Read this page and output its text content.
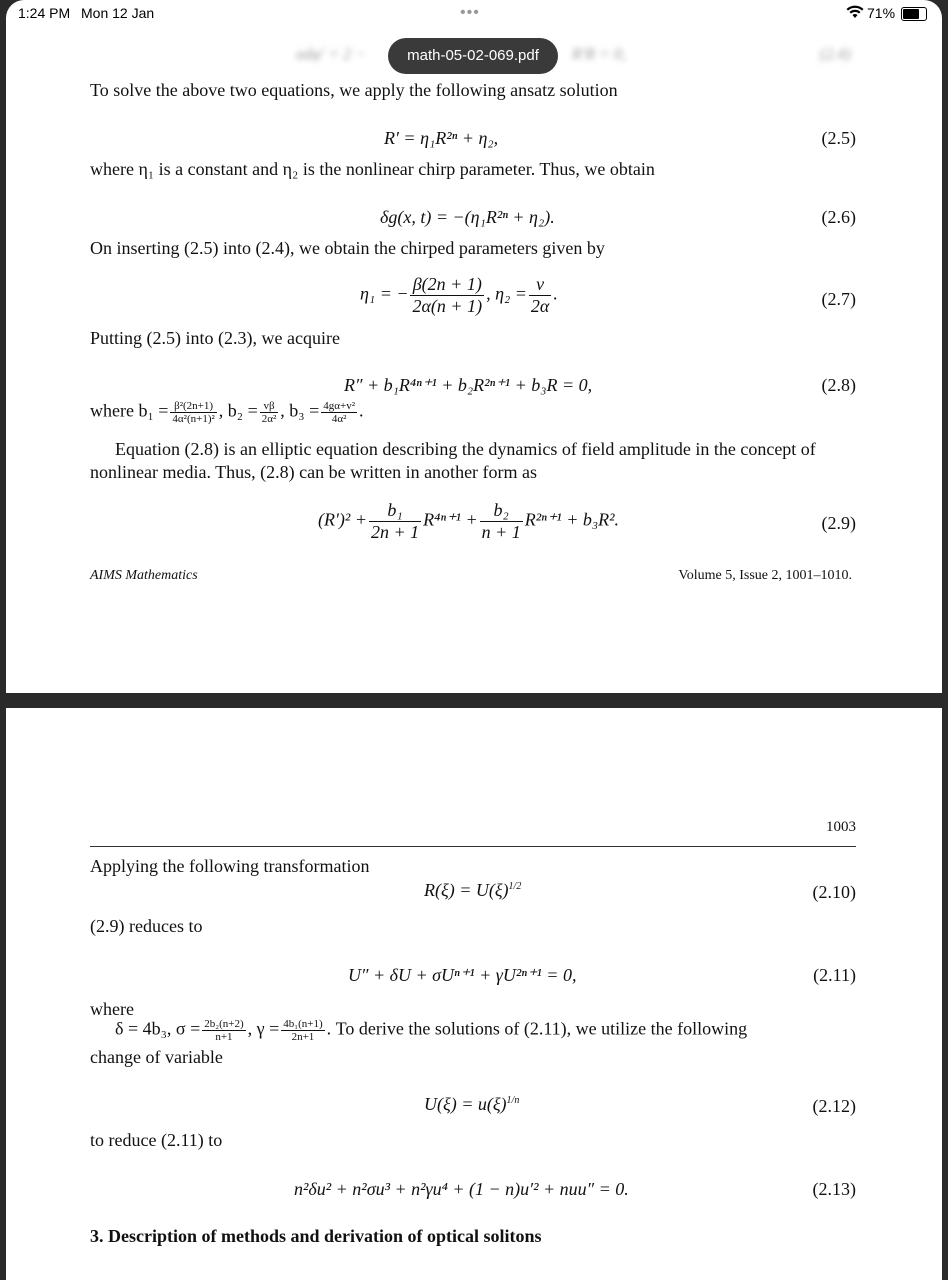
1:24 PM Mon 12 Jan	•••	71%
adφ′ + 2 −	R′R = 0,	(2.4)
math-05-02-069.pdf
To solve the above two equations, we apply the following ansatz solution
R′ = η₁R²ⁿ + η₂,	(2.5)
where η₁ is a constant and η₂ is the nonlinear chirp parameter. Thus, we obtain
δg(x, t) = −(η₁R²ⁿ + η₂).	(2.6)
On inserting (2.5) into (2.4), we obtain the chirped parameters given by
η₁ = − $\frac{\beta(2n + 1)}{2\alpha(n + 1)}$ , $\eta_2 = \frac{v}{2\alpha}$ .	(2.7)
Putting (2.5) into (2.3), we acquire
R″ + b₁R⁴ⁿ⁺¹ + b₂R²ⁿ⁺¹ + b₃R = 0,	(2.8)
where $b_1 = \frac{\text{β²(2n+1)}}{\text{4α²(n+1)²}}$ , $b_2 = \frac{v\beta}{\text{2α²}}$ , $b_3 = \frac{\text{4gα+v²}}{\text{4α²}}$ .
Equation (2.8) is an elliptic equation describing the dynamics of field amplitude in the concept of
nonlinear media. Thus, (2.8) can be written in another form as
$(R')^2 + \frac{\text{b₁}}{2n + 1} R^{4n+1} + \frac{\text{b₂}}{n + 1} R^{2n+1} + b_3R^2$.	(2.9)
AIMS Mathematics	Volume 5, Issue 2, 1001–1010.
1003
Applying the following transformation
$R(\xi) = U(\xi)^{1/2}$	(2.10)
(2.9) reduces to
U″ + δU + σUⁿ⁺¹ + γU²ⁿ⁺¹ = 0,	(2.11)
where
δ = 4b₃, $\sigma = \frac{\text{2b₂(n+2)}}{n+1}$ , $\gamma = \frac{\text{4b₁(n+1)}}{2n+1}$ . To derive the solutions of (2.11), we utilize the following
change of variable
$U(\xi) = u(\xi)^{1/n}$	(2.12)
to reduce (2.11) to
n²δu² + n²σu³ + n²γu⁴ + (1 − n)u′² + nuu″ = 0.	(2.13)
3. Description of methods and derivation of optical solitons
